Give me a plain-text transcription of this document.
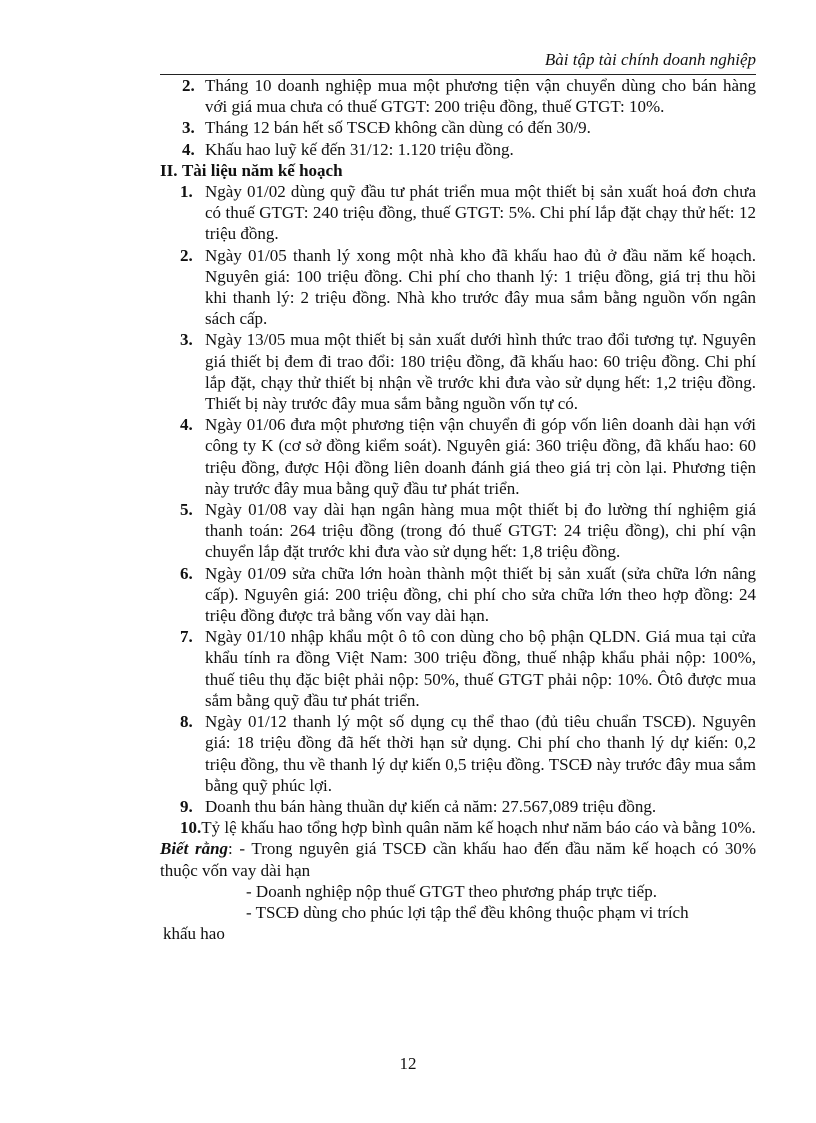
Bài tập tài chính doanh nghiệp
2. Tháng 10 doanh nghiệp mua một phương tiện vận chuyển dùng cho bán hàng với giá mua chưa có thuế GTGT: 200 triệu đồng, thuế GTGT: 10%.
3. Tháng 12 bán hết số TSCĐ không cần dùng có đến 30/9.
4. Khấu hao luỹ kế đến 31/12: 1.120 triệu đồng.
II. Tài liệu năm kế hoạch
1. Ngày 01/02 dùng quỹ đầu tư phát triển mua một thiết bị sản xuất hoá đơn chưa có thuế GTGT: 240 triệu đồng, thuế GTGT: 5%. Chi phí lắp đặt chạy thử hết: 12 triệu đồng.
2. Ngày 01/05 thanh lý xong một nhà kho đã khấu hao đủ ở đầu năm kế hoạch. Nguyên giá: 100 triệu đồng. Chi phí cho thanh lý: 1 triệu đồng, giá trị thu hồi khi thanh lý: 2 triệu đồng. Nhà kho trước đây mua sắm bằng nguồn vốn ngân sách cấp.
3. Ngày 13/05 mua một thiết bị sản xuất dưới hình thức trao đổi tương tự. Nguyên giá thiết bị đem đi trao đổi: 180 triệu đồng, đã khấu hao: 60 triệu đồng. Chi phí lắp đặt, chạy thử thiết bị nhận về trước khi đưa vào sử dụng hết: 1,2 triệu đồng. Thiết bị này trước đây mua sắm bằng nguồn vốn tự có.
4. Ngày 01/06 đưa một phương tiện vận chuyển đi góp vốn liên doanh dài hạn với công ty K (cơ sở đồng kiểm soát). Nguyên giá: 360 triệu đồng, đã khấu hao: 60 triệu đồng, được Hội đồng liên doanh đánh giá theo giá trị còn lại. Phương tiện này trước đây mua bằng quỹ đầu tư phát triển.
5. Ngày 01/08 vay dài hạn ngân hàng mua một thiết bị đo lường thí nghiệm giá thanh toán: 264 triệu đồng (trong đó thuế GTGT: 24 triệu đồng), chi phí vận chuyển lắp đặt trước khi đưa vào sử dụng hết: 1,8 triệu đồng.
6. Ngày 01/09 sửa chữa lớn hoàn thành một thiết bị sản xuất (sửa chữa lớn nâng cấp). Nguyên giá: 200 triệu đồng, chi phí cho sửa chữa lớn theo hợp đồng: 24 triệu đồng được trả bằng vốn vay dài hạn.
7. Ngày 01/10 nhập khẩu một ô tô con dùng cho bộ phận QLDN. Giá mua tại cửa khẩu tính ra đồng Việt Nam: 300 triệu đồng, thuế nhập khẩu phải nộp: 100%, thuế tiêu thụ đặc biệt phải nộp: 50%, thuế GTGT phải nộp: 10%. Ôtô được mua sắm bằng quỹ đầu tư phát triển.
8. Ngày 01/12 thanh lý một số dụng cụ thể thao (đủ tiêu chuẩn TSCĐ). Nguyên giá: 18 triệu đồng đã hết thời hạn sử dụng. Chi phí cho thanh lý dự kiến: 0,2 triệu đồng, thu về thanh lý dự kiến 0,5 triệu đồng. TSCĐ này trước đây mua sắm bằng quỹ phúc lợi.
9. Doanh thu bán hàng thuần dự kiến cả năm: 27.567,089 triệu đồng.
10. Tỷ lệ khấu hao tổng hợp bình quân năm kế hoạch như năm báo cáo và bằng 10%.
Biết rằng: - Trong nguyên giá TSCĐ cần khấu hao đến đầu năm kế hoạch có 30% thuộc vốn vay dài hạn
- Doanh nghiệp nộp thuế GTGT theo phương pháp trực tiếp.
- TSCĐ dùng cho phúc lợi tập thể đều không thuộc phạm vi trích
khấu hao
12
